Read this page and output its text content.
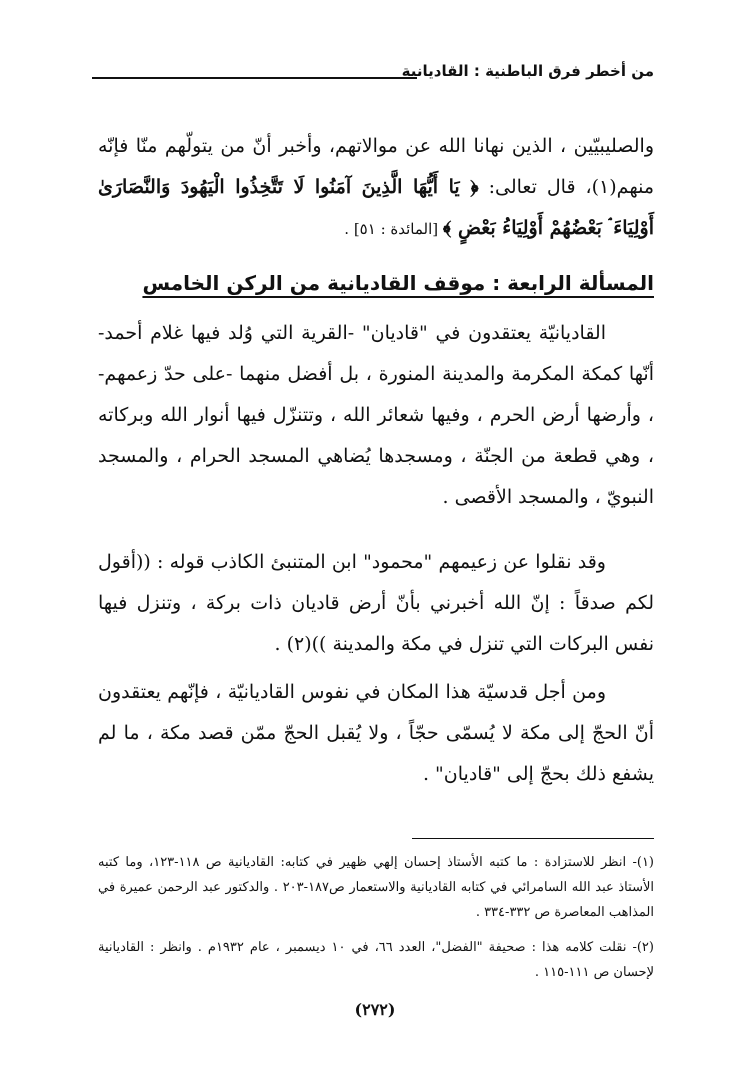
من أخطر فرق الباطنية : القاديانية

والصليبيّين ، الذين نهانا الله عن موالاتهم، وأخبر أنّ من يتولّهم منّا فإنّه منهم(١)، قال تعالى: ﴿ يَا أَيُّهَا الَّذِينَ آمَنُوا لَا تَتَّخِذُوا الْيَهُودَ وَالنَّصَارَىٰ أَوْلِيَاءَ ۘ بَعْضُهُمْ أَوْلِيَاءُ بَعْضٍ ﴾ [المائدة : ٥١] .

المسألة الرابعة : موقف القاديانية من الركن الخامس

القاديانيّة يعتقدون في "قاديان" -القرية التي وُلد فيها غلام أحمد- أنّها كمكة المكرمة والمدينة المنورة ، بل أفضل منهما -على حدّ زعمهم- ، وأرضها أرض الحرم ، وفيها شعائر الله ، وتتنزّل فيها أنوار الله وبركاته ، وهي قطعة من الجنّة ، ومسجدها يُضاهي المسجد الحرام ، والمسجد النبويّ ، والمسجد الأقصى .

وقد نقلوا عن زعيمهم "محمود" ابن المتنبئ الكاذب قوله : ((أقول لكم صدقاً : إنّ الله أخبرني بأنّ أرض قاديان ذات بركة ، وتنزل فيها نفس البركات التي تنزل في مكة والمدينة ))(٢) .

ومن أجل قدسيّة هذا المكان في نفوس القاديانيّة ، فإنّهم يعتقدون أنّ الحجّ إلى مكة لا يُسمّى حجّاً ، ولا يُقبل الحجّ ممّن قصد مكة ، ما لم يشفع ذلك بحجّ إلى "قاديان" .

(١)- انظر للاستزادة : ما كتبه الأستاذ إحسان إلهي ظهير في كتابه: القاديانية ص ١١٨-١٢٣، وما كتبه الأستاذ عبد الله السامرائي في كتابه القاديانية والاستعمار ص١٨٧-٢٠٣ . والدكتور عبد الرحمن عميرة في المذاهب المعاصرة ص ٣٣٢-٣٣٤ .

(٢)- نقلت كلامه هذا : صحيفة "الفضل"، العدد ٦٦، في ١٠ ديسمبر ، عام ١٩٣٢م . وانظر : القاديانية لإحسان ص ١١١-١١٥ .

(٢٧٢)
